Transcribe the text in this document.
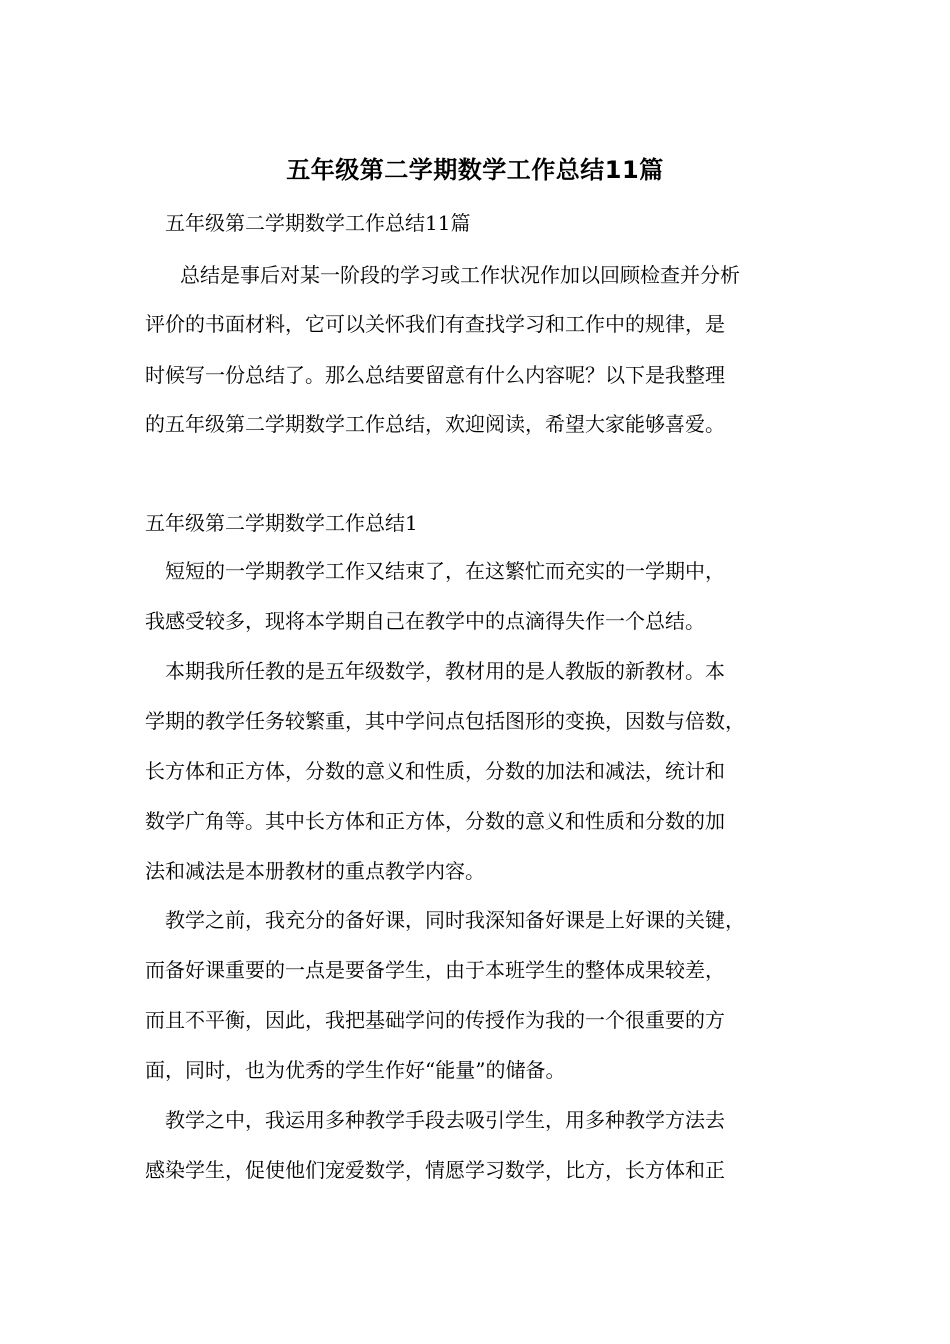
五年级第二学期数学工作总结11篇

五年级第二学期数学工作总结11篇

总结是事后对某一阶段的学习或工作状况作加以回顾检查并分析

评价的书面材料，它可以关怀我们有查找学习和工作中的规律，是

时候写一份总结了。那么总结要留意有什么内容呢？以下是我整理

的五年级第二学期数学工作总结，欢迎阅读，希望大家能够喜爱。

五年级第二学期数学工作总结1

短短的一学期教学工作又结束了，在这繁忙而充实的一学期中，

我感受较多，现将本学期自己在教学中的点滴得失作一个总结。

本期我所任教的是五年级数学，教材用的是人教版的新教材。本

学期的教学任务较繁重，其中学问点包括图形的变换，因数与倍数，

长方体和正方体，分数的意义和性质，分数的加法和减法，统计和

数学广角等。其中长方体和正方体，分数的意义和性质和分数的加

法和减法是本册教材的重点教学内容。

教学之前，我充分的备好课，同时我深知备好课是上好课的关键，

而备好课重要的一点是要备学生，由于本班学生的整体成果较差，

而且不平衡，因此，我把基础学问的传授作为我的一个很重要的方

面，同时，也为优秀的学生作好“能量”的储备。

教学之中，我运用多种教学手段去吸引学生，用多种教学方法去

感染学生，促使他们宠爱数学，情愿学习数学，比方，长方体和正
